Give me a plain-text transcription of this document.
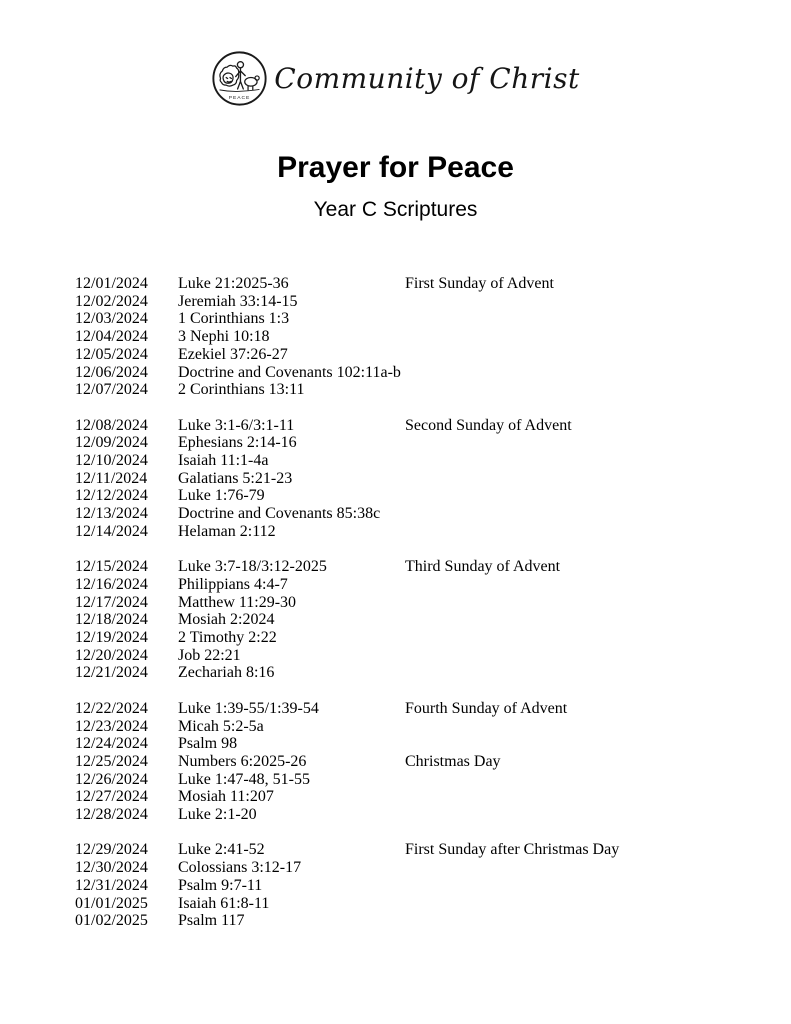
PEACE
Community of Christ
Prayer for Peace
Year C Scriptures
12/01/2024	Luke 21:2025-36	First Sunday of Advent
12/02/2024	Jeremiah 33:14-15
12/03/2024	1 Corinthians 1:3
12/04/2024	3 Nephi 10:18
12/05/2024	Ezekiel 37:26-27
12/06/2024	Doctrine and Covenants 102:11a-b
12/07/2024	2 Corinthians 13:11
12/08/2024	Luke 3:1-6/3:1-11	Second Sunday of Advent
12/09/2024	Ephesians 2:14-16
12/10/2024	Isaiah 11:1-4a
12/11/2024	Galatians 5:21-23
12/12/2024	Luke 1:76-79
12/13/2024	Doctrine and Covenants 85:38c
12/14/2024	Helaman 2:112
12/15/2024	Luke 3:7-18/3:12-2025	Third Sunday of Advent
12/16/2024	Philippians 4:4-7
12/17/2024	Matthew 11:29-30
12/18/2024	Mosiah 2:2024
12/19/2024	2 Timothy 2:22
12/20/2024	Job 22:21
12/21/2024	Zechariah 8:16
12/22/2024	Luke 1:39-55/1:39-54	Fourth Sunday of Advent
12/23/2024	Micah 5:2-5a
12/24/2024	Psalm 98
12/25/2024	Numbers 6:2025-26	Christmas Day
12/26/2024	Luke 1:47-48, 51-55
12/27/2024	Mosiah 11:207
12/28/2024	Luke 2:1-20
12/29/2024	Luke 2:41-52	First Sunday after Christmas Day
12/30/2024	Colossians 3:12-17
12/31/2024	Psalm 9:7-11
01/01/2025	Isaiah 61:8-11
01/02/2025	Psalm 117
